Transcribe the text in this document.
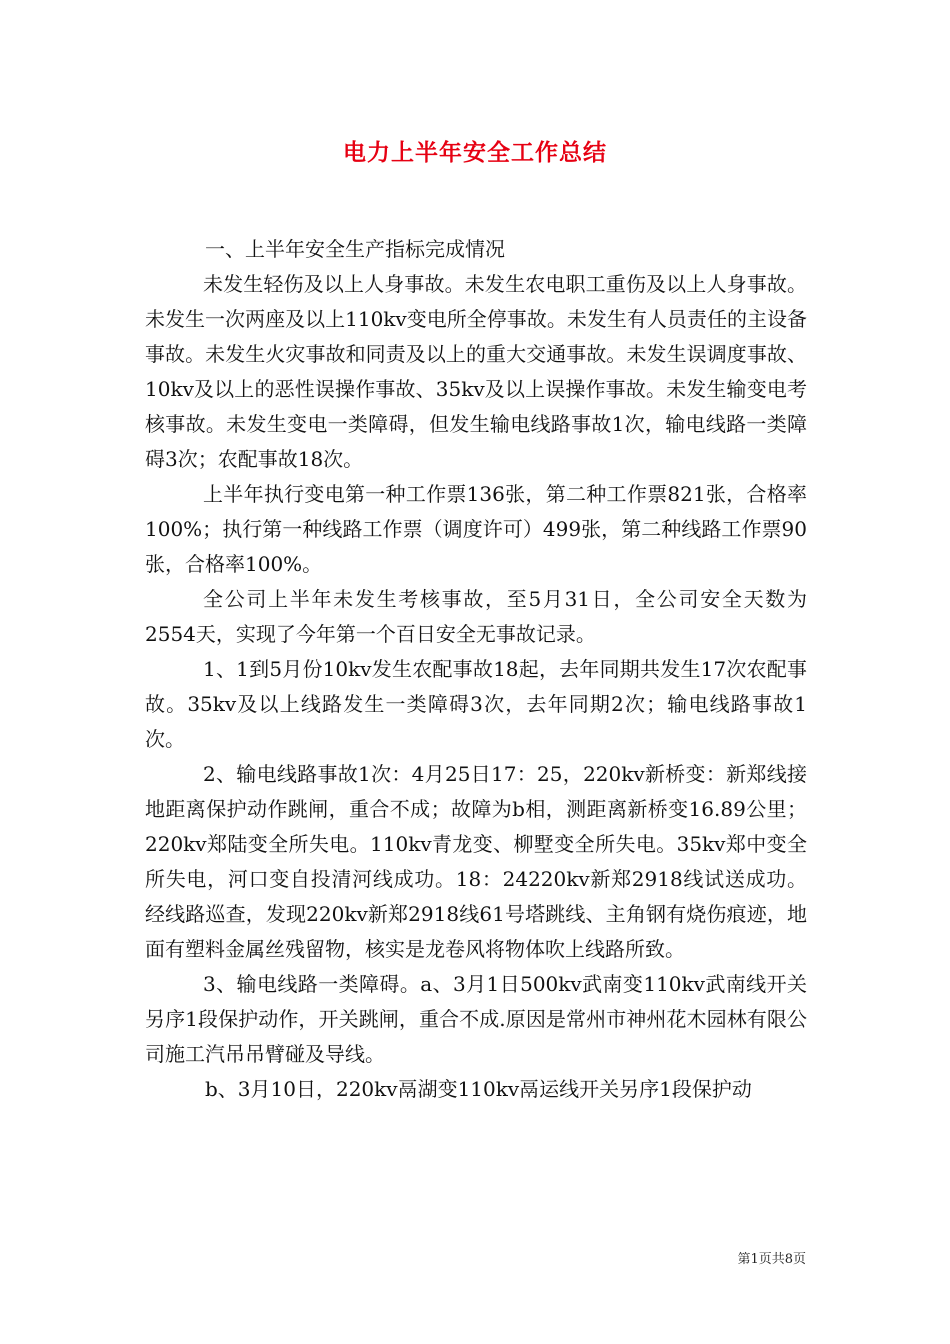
电力上半年安全工作总结

一、上半年安全生产指标完成情况

未发生轻伤及以上人身事故。未发生农电职工重伤及以上人身事故。未发生一次两座及以上110kv变电所全停事故。未发生有人员责任的主设备事故。未发生火灾事故和同责及以上的重大交通事故。未发生误调度事故、10kv及以上的恶性误操作事故、35kv及以上误操作事故。未发生输变电考核事故。未发生变电一类障碍，但发生输电线路事故1次，输电线路一类障碍3次；农配事故18次。

上半年执行变电第一种工作票136张，第二种工作票821张，合格率100%；执行第一种线路工作票（调度许可）499张，第二种线路工作票90张，合格率100%。

全公司上半年未发生考核事故，至5月31日，全公司安全天数为2554天，实现了今年第一个百日安全无事故记录。

1、1到5月份10kv发生农配事故18起，去年同期共发生17次农配事故。35kv及以上线路发生一类障碍3次，去年同期2次；输电线路事故1次。

2、输电线路事故1次：4月25日17：25，220kv新桥变：新郑线接地距离保护动作跳闸，重合不成；故障为b相，测距离新桥变16.89公里；220kv郑陆变全所失电。110kv青龙变、柳墅变全所失电。35kv郑中变全所失电，河口变自投清河线成功。18：24220kv新郑2918线试送成功。经线路巡查，发现220kv新郑2918线61号塔跳线、主角钢有烧伤痕迹，地面有塑料金属丝残留物，核实是龙卷风将物体吹上线路所致。

3、输电线路一类障碍。a、3月1日500kv武南变110kv武南线开关另序1段保护动作，开关跳闸，重合不成.原因是常州市神州花木园林有限公司施工汽吊吊臂碰及导线。

b、3月10日，220kv鬲湖变110kv鬲运线开关另序1段保护动

第1页共8页
